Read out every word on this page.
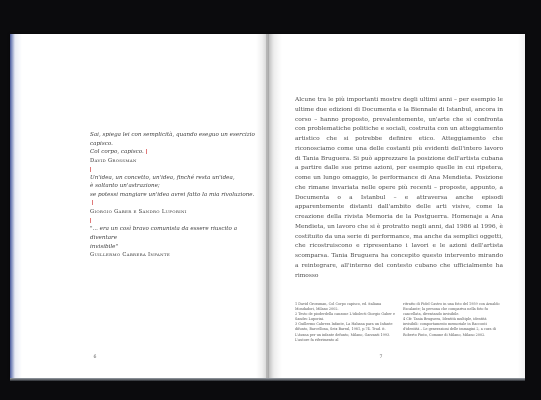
Sai, spiega lei con semplicità, quando eseguo un esercizio capisco.

Col corpo, capisco.

David Grossman

Un'idea, un concetto, un'idea, finché resta un'idea,

è soltanto un'astrazione;

se potessi mangiare un'idea avrei fatto la mia rivoluzione.

Giorgio Gaber e Sandro Luporini

"... era un così bravo comunista da essere riuscito a diventare

invisibile"

Guillermo Cabrera Infante

6

Alcune tra le più importanti mostre degli ultimi anni – per esempio le ultime due edizioni di Documenta e la Biennale di Istanbul, ancora in corso – hanno proposto, prevalentemente, un'arte che si confronta con problematiche politiche e sociali, costruita con un atteggiamento artistico che si potrebbe definire etico. Atteggiamento che riconosciamo come una delle costanti più evidenti dell'intero lavoro di Tania Bruguera. Si può apprezzare la posizione dell'artista cubana a partire dalle sue prime azioni, per esempio quelle in cui ripetera, come un lungo omaggio, le performance di Ana Mendieta. Posizione che rimane invariata nelle opere più recenti – proposte, appunto, a Documenta o a Istanbul – e attraversa anche episodi apparentemente distanti dall'ambito delle arti visive, come la creazione della rivista Memoria de la Postguerra. Homenaje a Ana Mendieta, un lavoro che si è protratto negli anni, dal 1986 al 1996, è costituito da una serie di performance, ma anche da semplici oggetti, che ricostruiscono e ripresentano i lavori e le azioni dell'artista scomparsa. Tania Bruguera ha concepito questo intervento mirando a reintegrare, all'interno del contesto cubano che ufficialmente ha rimosso

1 David Grossman, Col Corpo capisco, ed. italiana Mondadori, Milano 2002.

2 Testo de pioderdella canzone L'idiolecti Giorgio Gaber e Sandro Luporini.

3 Guillermo Cabrera Infante, La Habana para un Infante difunto, Barcellona, Seix Barral, 1981, p.74. Trad. it. L'Avana per un infante defunto, Milano, Garzanti 1993. L'autore fa riferimento al

ritratto di Fidel Castro in una foto del 1959 con Arnaldo Escalante; la persona che compariva nella foto fu cancellata, diventando invisibile.

4 Cfr. Tania Bruguera, Identità multiple, identità invisibili: comportamento memoriale in Racconti d'identità – Le generazioni delle immagini 2, a cura di Roberto Pinto, Comune di Milano, Milano 2002.

7
